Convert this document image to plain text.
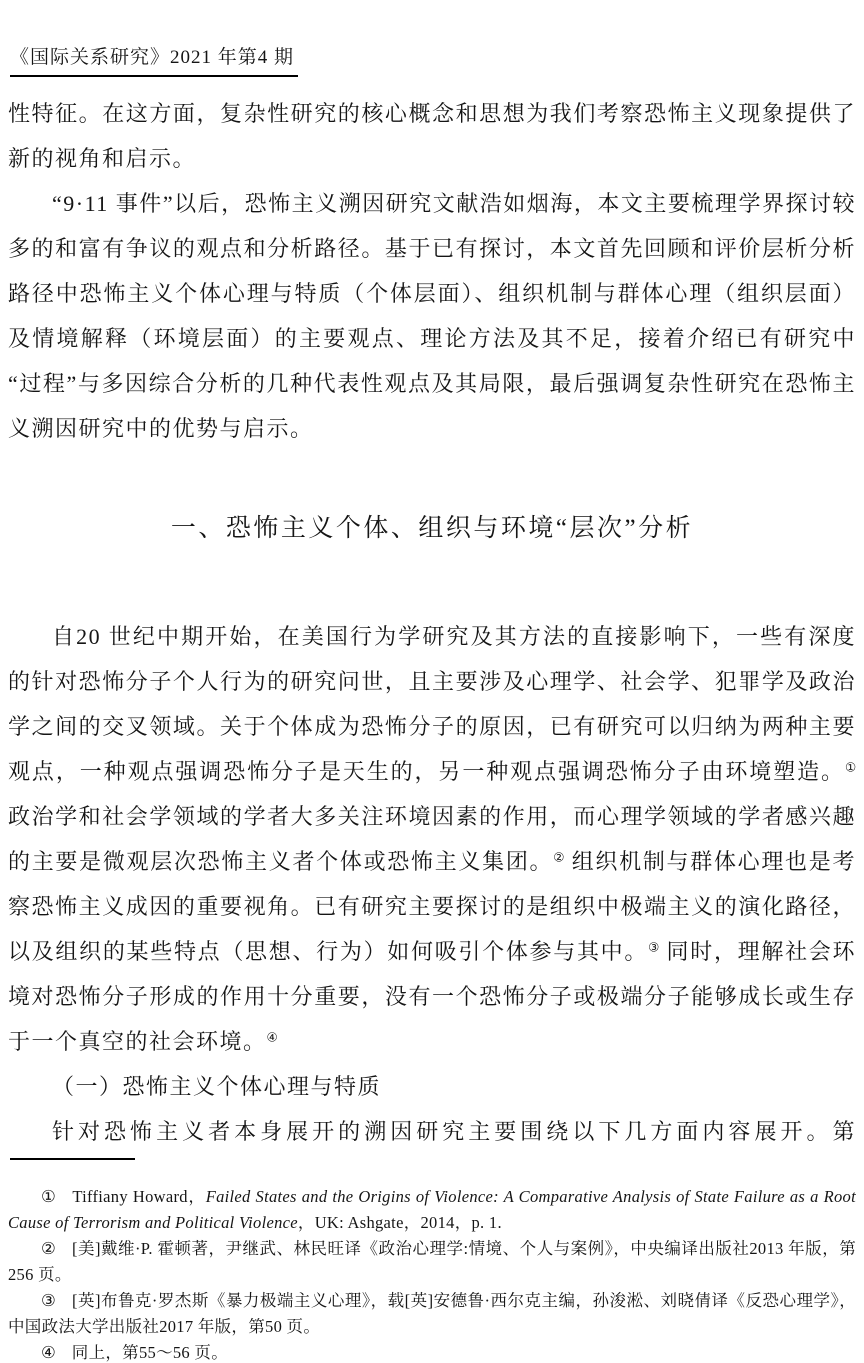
《国际关系研究》2021 年第4 期

性特征。在这方面，复杂性研究的核心概念和思想为我们考察恐怖主义现象提供了新的视角和启示。

“9·11 事件”以后，恐怖主义溯因研究文献浩如烟海，本文主要梳理学界探讨较多的和富有争议的观点和分析路径。基于已有探讨，本文首先回顾和评价层析分析路径中恐怖主义个体心理与特质（个体层面）、组织机制与群体心理（组织层面）及情境解释（环境层面）的主要观点、理论方法及其不足，接着介绍已有研究中“过程”与多因综合分析的几种代表性观点及其局限，最后强调复杂性研究在恐怖主义溯因研究中的优势与启示。

一、恐怖主义个体、组织与环境“层次”分析

自20 世纪中期开始，在美国行为学研究及其方法的直接影响下，一些有深度的针对恐怖分子个人行为的研究问世，且主要涉及心理学、社会学、犯罪学及政治学之间的交叉领域。关于个体成为恐怖分子的原因，已有研究可以归纳为两种主要观点，一种观点强调恐怖分子是天生的，另一种观点强调恐怖分子由环境塑造。① 政治学和社会学领域的学者大多关注环境因素的作用，而心理学领域的学者感兴趣的主要是微观层次恐怖主义者个体或恐怖主义集团。② 组织机制与群体心理也是考察恐怖主义成因的重要视角。已有研究主要探讨的是组织中极端主义的演化路径，以及组织的某些特点（思想、行为）如何吸引个体参与其中。③ 同时，理解社会环境对恐怖分子形成的作用十分重要，没有一个恐怖分子或极端分子能够成长或生存于一个真空的社会环境。④

（一）恐怖主义个体心理与特质

针对恐怖主义者本身展开的溯因研究主要围绕以下几方面内容展开。第

① Tiffiany Howard，Failed States and the Origins of Violence: A Comparative Analysis of State Failure as a Root Cause of Terrorism and Political Violence，UK: Ashgate，2014，p. 1.

② [美]戴维·P. 霍顿著，尹继武、林民旺译《政治心理学:情境、个人与案例》，中央编译出版社2013 年版，第256 页。

③ [英]布鲁克·罗杰斯《暴力极端主义心理》，载[英]安德鲁·西尔克主编，孙浚淞、刘晓倩译《反恐心理学》，中国政法大学出版社2017 年版，第50 页。

④ 同上，第55～56 页。
